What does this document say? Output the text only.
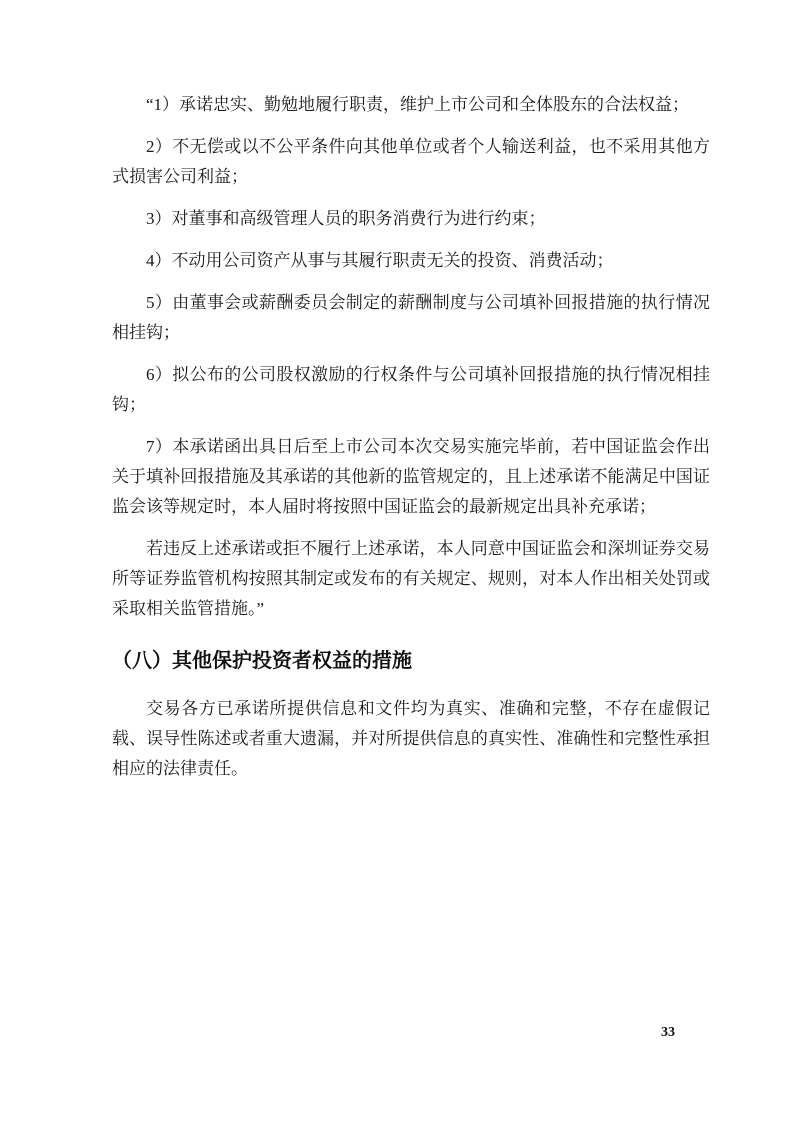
“1）承诺忠实、勤勉地履行职责，维护上市公司和全体股东的合法权益；

2）不无偿或以不公平条件向其他单位或者个人输送利益，也不采用其他方式损害公司利益；

3）对董事和高级管理人员的职务消费行为进行约束；

4）不动用公司资产从事与其履行职责无关的投资、消费活动；

5）由董事会或薪酬委员会制定的薪酬制度与公司填补回报措施的执行情况相挂钩；

6）拟公布的公司股权激励的行权条件与公司填补回报措施的执行情况相挂钩；

7）本承诺函出具日后至上市公司本次交易实施完毕前，若中国证监会作出关于填补回报措施及其承诺的其他新的监管规定的，且上述承诺不能满足中国证监会该等规定时，本人届时将按照中国证监会的最新规定出具补充承诺；

若违反上述承诺或拒不履行上述承诺，本人同意中国证监会和深圳证券交易所等证券监管机构按照其制定或发布的有关规定、规则，对本人作出相关处罚或采取相关监管措施。”

（八）其他保护投资者权益的措施

交易各方已承诺所提供信息和文件均为真实、准确和完整，不存在虚假记载、误导性陈述或者重大遗漏，并对所提供信息的真实性、准确性和完整性承担相应的法律责任。

33
